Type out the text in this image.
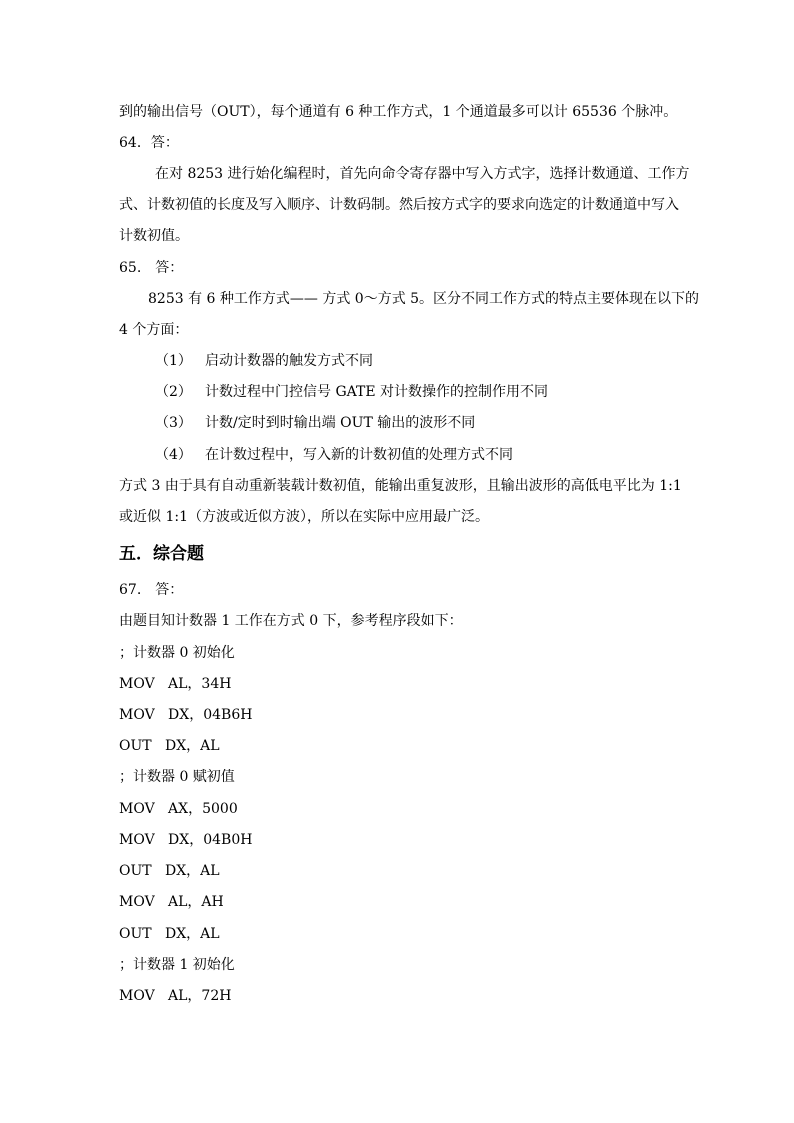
到的输出信号（OUT），每个通道有 6 种工作方式，1 个通道最多可以计 65536 个脉冲。
64．答：
在对 8253 进行始化编程时，首先向命令寄存器中写入方式字，选择计数通道、工作方
式、计数初值的长度及写入顺序、计数码制。然后按方式字的要求向选定的计数通道中写入
计数初值。
65.　答：
8253 有 6 种工作方式—— 方式 0～方式 5。区分不同工作方式的特点主要体现在以下的
4 个方面：
（1） 启动计数器的触发方式不同
（2） 计数过程中门控信号 GATE 对计数操作的控制作用不同
（3） 计数/定时到时输出端 OUT 输出的波形不同
（4） 在计数过程中，写入新的计数初值的处理方式不同
方式 3 由于具有自动重新装载计数初值，能输出重复波形，且输出波形的高低电平比为 1:1
或近似 1:1（方波或近似方波），所以在实际中应用最广泛。
五．综合题
67.　答：
由题目知计数器 1 工作在方式 0 下，参考程序段如下：
；计数器 0 初始化
MOV   AL，34H
MOV   DX，04B6H
OUT   DX，AL
；计数器 0 赋初值
MOV   AX，5000
MOV   DX，04B0H
OUT   DX，AL
MOV   AL，AH
OUT   DX，AL
；计数器 1 初始化
MOV   AL，72H
